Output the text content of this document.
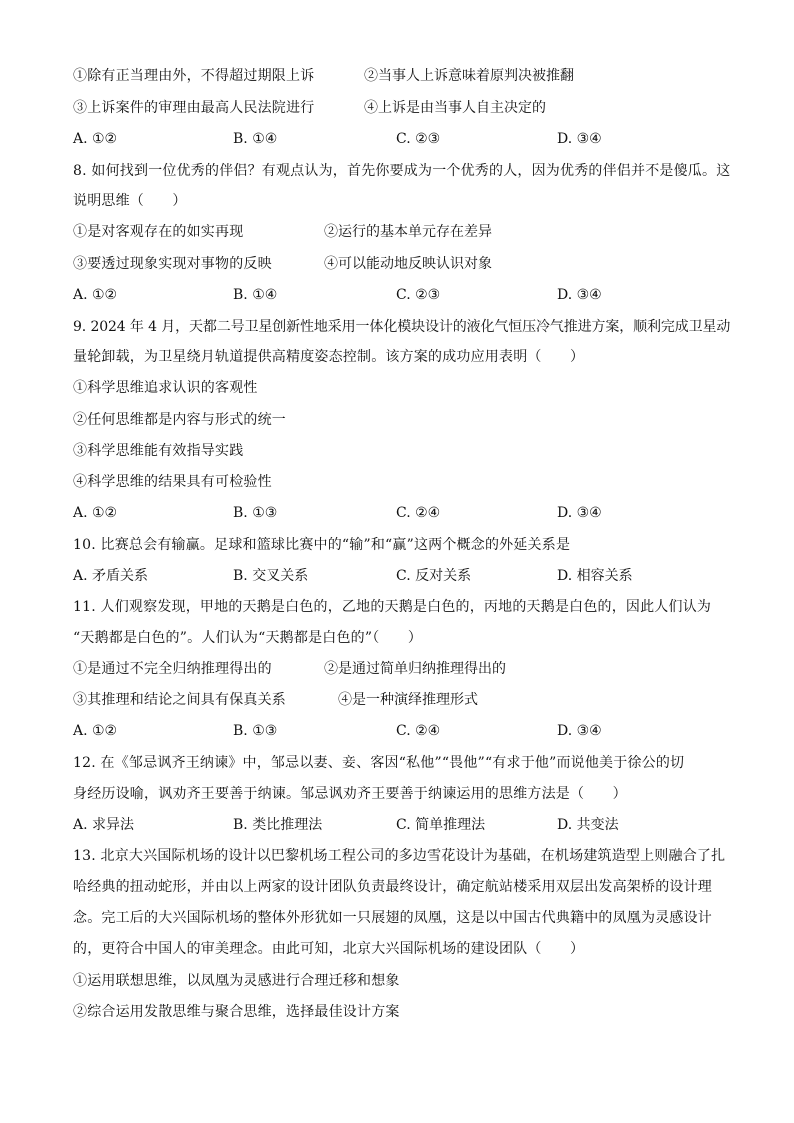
①除有正当理由外，不得超过期限上诉	②当事人上诉意味着原判决被推翻
③上诉案件的审理由最高人民法院进行	④上诉是由当事人自主决定的
A. ①②	B. ①④	C. ②③	D. ③④
8. 如何找到一位优秀的伴侣？有观点认为，首先你要成为一个优秀的人，因为优秀的伴侣并不是傻瓜。这
说明思维（　　）
①是对客观存在的如实再现	②运行的基本单元存在差异
③要透过现象实现对事物的反映	④可以能动地反映认识对象
A. ①②	B. ①④	C. ②③	D. ③④
9. 2024 年 4 月，天都二号卫星创新性地采用一体化模块设计的液化气恒压冷气推进方案，顺利完成卫星动
量轮卸载，为卫星绕月轨道提供高精度姿态控制。该方案的成功应用表明（　　）
①科学思维追求认识的客观性
②任何思维都是内容与形式的统一
③科学思维能有效指导实践
④科学思维的结果具有可检验性
A. ①②	B. ①③	C. ②④	D. ③④
10. 比赛总会有输赢。足球和篮球比赛中的“输”和“赢”这两个概念的外延关系是
A. 矛盾关系	B. 交叉关系	C. 反对关系	D. 相容关系
11. 人们观察发现，甲地的天鹅是白色的，乙地的天鹅是白色的，丙地的天鹅是白色的，因此人们认为
“天鹅都是白色的”。人们认为“天鹅都是白色的”（　　）
①是通过不完全归纳推理得出的	②是通过简单归纳推理得出的
③其推理和结论之间具有保真关系	④是一种演绎推理形式
A. ①②	B. ①③	C. ②④	D. ③④
12. 在《邹忌讽齐王纳谏》中，邹忌以妻、妾、客因“私他”“畏他”“有求于他”而说他美于徐公的切
身经历设喻，讽劝齐王要善于纳谏。邹忌讽劝齐王要善于纳谏运用的思维方法是（　　）
A. 求异法	B. 类比推理法	C. 简单推理法	D. 共变法
13. 北京大兴国际机场的设计以巴黎机场工程公司的多边雪花设计为基础，在机场建筑造型上则融合了扎
哈经典的扭动蛇形，并由以上两家的设计团队负责最终设计，确定航站楼采用双层出发高架桥的设计理
念。完工后的大兴国际机场的整体外形犹如一只展翅的凤凰，这是以中国古代典籍中的凤凰为灵感设计
的，更符合中国人的审美理念。由此可知，北京大兴国际机场的建设团队（　　）
①运用联想思维，以凤凰为灵感进行合理迁移和想象
②综合运用发散思维与聚合思维，选择最佳设计方案
